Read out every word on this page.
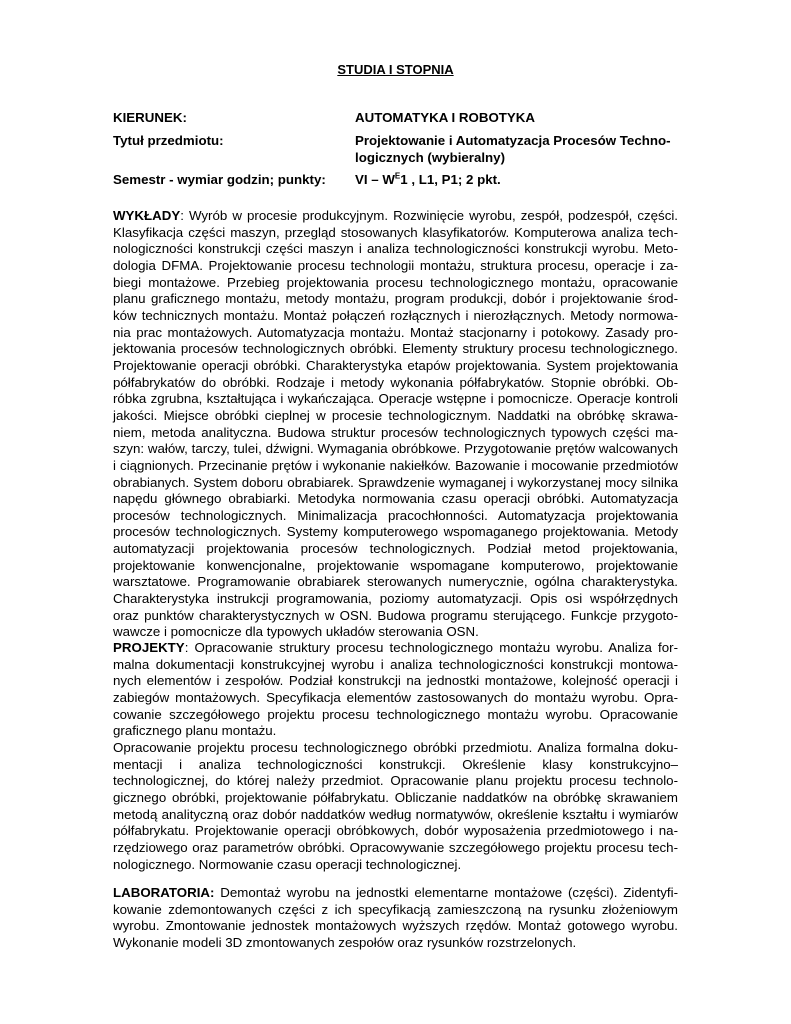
STUDIA I STOPNIA
KIERUNEK:	AUTOMATYKA I ROBOTYKA
Tytuł przedmiotu:	Projektowanie i Automatyzacja Procesów Technologicznych (wybieralny)
Semestr - wymiar godzin; punkty: VI – $W^E1$ , L1, P1; 2 pkt.
WYKŁADY: Wyrób w procesie produkcyjnym. Rozwinięcie wyrobu, zespół, podzespół, części. Klasyfikacja części maszyn, przegląd stosowanych klasyfikatorów. Komputerowa analiza technologiczności konstrukcji części maszyn i analiza technologiczności konstrukcji wyrobu. Metodologia DFMA. Projektowanie procesu technologii montażu, struktura procesu, operacje i zabiegi montażowe. Przebieg projektowania procesu technologicznego montażu, opracowanie planu graficznego montażu, metody montażu, program produkcji, dobór i projektowanie środków technicznych montażu. Montaż połączeń rozłącznych i nierozłącznych. Metody normowania prac montażowych. Automatyzacja montażu. Montaż stacjonarny i potokowy. Zasady projektowania procesów technologicznych obróbki. Elementy struktury procesu technologicznego. Projektowanie operacji obróbki. Charakterystyka etapów projektowania. System projektowania półfabrykatów do obróbki. Rodzaje i metody wykonania półfabrykatów. Stopnie obróbki. Obróbka zgrubna, kształtująca i wykańczająca. Operacje wstępne i pomocnicze. Operacje kontroli jakości. Miejsce obróbki cieplnej w procesie technologicznym. Naddatki na obróbkę skrawaniem, metoda analityczna. Budowa struktur procesów technologicznych typowych części maszyn: wałów, tarczy, tulei, dźwigni. Wymagania obróbkowe. Przygotowanie prętów walcowanych i ciągnionych. Przecinanie prętów i wykonanie nakiełków. Bazowanie i mocowanie przedmiotów obrabianych. System doboru obrabiarek. Sprawdzenie wymaganej i wykorzystanej mocy silnika napędu głównego obrabiarki. Metodyka normowania czasu operacji obróbki. Automatyzacja procesów technologicznych. Minimalizacja pracochłonności. Automatyzacja projektowania procesów technologicznych. Systemy komputerowego wspomaganego projektowania. Metody automatyzacji projektowania procesów technologicznych. Podział metod projektowania, projektowanie konwencjonalne, projektowanie wspomagane komputerowo, projektowanie warsztatowe. Programowanie obrabiarek sterowanych numerycznie, ogólna charakterystyka. Charakterystyka instrukcji programowania, poziomy automatyzacji. Opis osi współrzędnych oraz punktów charakterystycznych w OSN. Budowa programu sterującego. Funkcje przygotowawcze i pomocnicze dla typowych układów sterowania OSN.
PROJEKTY: Opracowanie struktury procesu technologicznego montażu wyrobu. Analiza formalna dokumentacji konstrukcyjnej wyrobu i analiza technologiczności konstrukcji montowanych elementów i zespołów. Podział konstrukcji na jednostki montażowe, kolejność operacji i zabiegów montażowych. Specyfikacja elementów zastosowanych do montażu wyrobu. Opracowanie szczegółowego projektu procesu technologicznego montażu wyrobu. Opracowanie graficznego planu montażu.
Opracowanie projektu procesu technologicznego obróbki przedmiotu. Analiza formalna dokumentacji i analiza technologiczności konstrukcji. Określenie klasy konstrukcyjno–technologicznej, do której należy przedmiot. Opracowanie planu projektu procesu technologicznego obróbki, projektowanie półfabrykatu. Obliczanie naddatków na obróbkę skrawaniem metodą analityczną oraz dobór naddatków według normatywów, określenie kształtu i wymiarów półfabrykatu. Projektowanie operacji obróbkowych, dobór wyposażenia przedmiotowego i narzędziowego oraz parametrów obróbki. Opracowywanie szczegółowego projektu procesu technologicznego. Normowanie czasu operacji technologicznej.
LABORATORIA: Demontaż wyrobu na jednostki elementarne montażowe (części). Zidentyfikowanie zdemontowanych części z ich specyfikacją zamieszczoną na rysunku złożeniowym wyrobu. Zmontowanie jednostek montażowych wyższych rzędów. Montaż gotowego wyrobu. Wykonanie modeli 3D zmontowanych zespołów oraz rysunków rozstrzelonych.
